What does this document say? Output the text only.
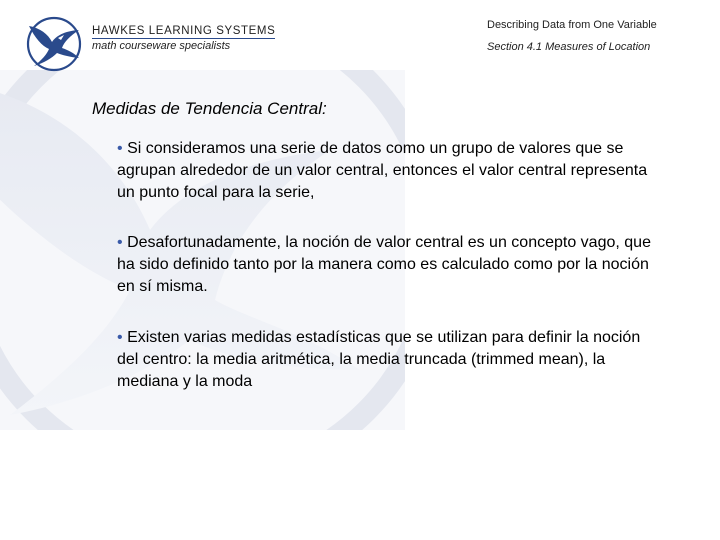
HAWKES LEARNING SYSTEMS
math courseware specialists
Describing Data from One Variable
Section 4.1 Measures of Location
Medidas de Tendencia Central:
• Si consideramos una serie de datos como un grupo de valores que se agrupan alrededor de un valor central, entonces el valor central representa un punto focal para la serie,
• Desafortunadamente, la noción de valor central es un concepto vago, que ha sido definido tanto por la manera como es calculado como por la noción en sí misma.
• Existen varias medidas estadísticas que se utilizan para definir la noción del centro: la media aritmética, la media truncada (trimmed mean), la mediana y la moda
